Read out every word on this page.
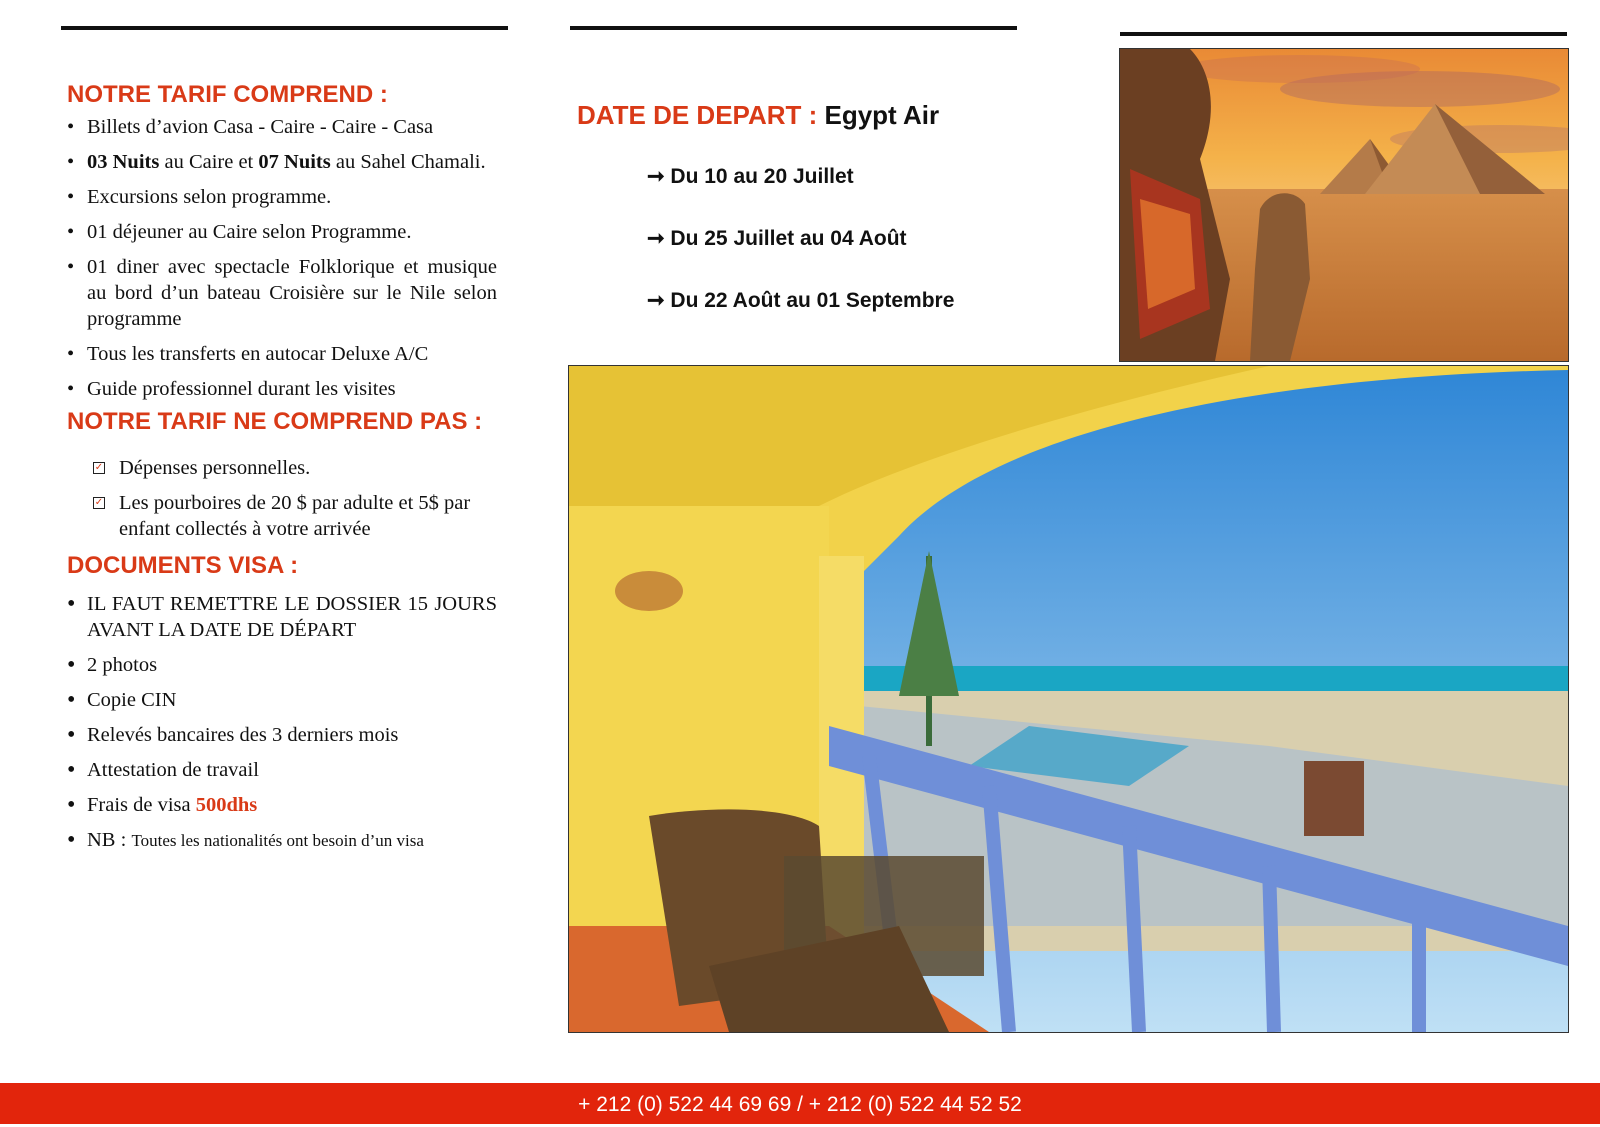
NOTRE TARIF COMPREND :
• Billets d’avion Casa - Caire - Caire - Casa
• 03 Nuits au Caire et 07 Nuits au Sahel Chamali.
• Excursions selon programme.
• 01 déjeuner au Caire selon Programme.
• 01 diner avec spectacle Folklorique et musique au bord d’un bateau Croisière sur le Nile selon programme
• Tous les transferts en autocar Deluxe A/C
• Guide professionnel durant les visites
NOTRE TARIF NE COMPREND PAS :
✓ Dépenses personnelles.
✓ Les pourboires de 20 $ par adulte et 5$ par enfant collectés à votre arrivée
DOCUMENTS VISA :
• IL FAUT REMETTRE LE DOSSIER 15 JOURS AVANT LA DATE DE DÉPART
• 2 photos
• Copie CIN
• Relevés bancaires des 3 derniers mois
• Attestation de travail
• Frais de visa 500dhs
• NB : Toutes les nationalités ont besoin d’un visa
DATE DE DEPART : Egypt Air
➞ Du 10 au 20 Juillet
➞ Du 25 Juillet au 04 Août
➞ Du 22 Août au 01 Septembre
+ 212 (0) 522 44 69 69 / + 212 (0) 522 44 52 52
